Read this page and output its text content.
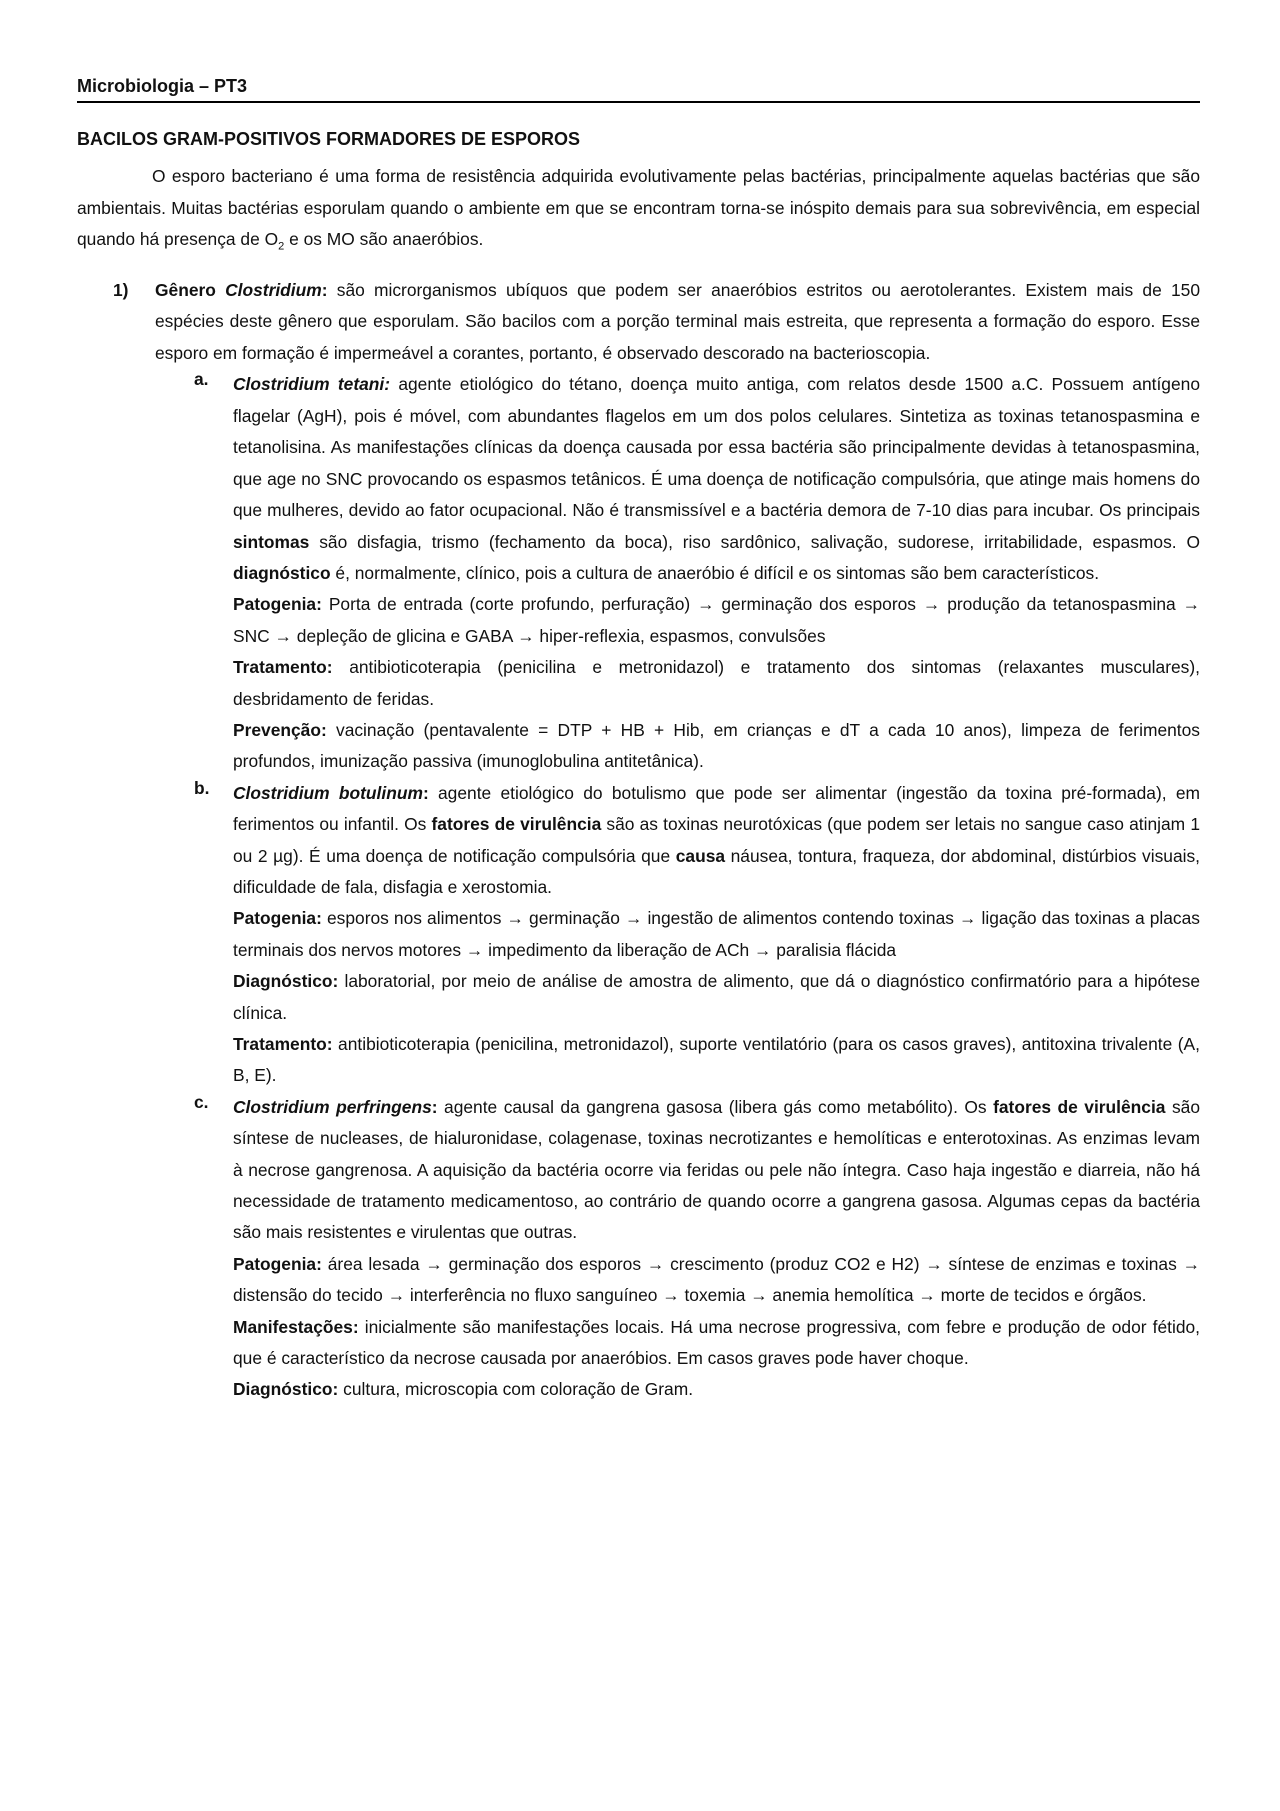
Microbiologia – PT3
BACILOS GRAM-POSITIVOS FORMADORES DE ESPOROS

O esporo bacteriano é uma forma de resistência adquirida evolutivamente pelas bactérias, principalmente aquelas bactérias que são ambientais. Muitas bactérias esporulam quando o ambiente em que se encontram torna-se inóspito demais para sua sobrevivência, em especial quando há presença de $O_2$ e os MO são anaeróbios.

1) Gênero Clostridium: são microrganismos ubíquos que podem ser anaeróbios estritos ou aerotolerantes. Existem mais de 150 espécies deste gênero que esporulam. São bacilos com a porção terminal mais estreita, que representa a formação do esporo. Esse esporo em formação é impermeável a corantes, portanto, é observado descorado na bacterioscopia.
a. Clostridium tetani: agente etiológico do tétano, doença muito antiga, com relatos desde 1500 a.C. Possuem antígeno flagelar (AgH), pois é móvel, com abundantes flagelos em um dos polos celulares. Sintetiza as toxinas tetanospasmina e tetanolisina. As manifestações clínicas da doença causada por essa bactéria são principalmente devidas à tetanospasmina, que age no SNC provocando os espasmos tetânicos. É uma doença de notificação compulsória, que atinge mais homens do que mulheres, devido ao fator ocupacional. Não é transmissível e a bactéria demora de 7-10 dias para incubar. Os principais sintomas são disfagia, trismo (fechamento da boca), riso sardônico, salivação, sudorese, irritabilidade, espasmos. O diagnóstico é, normalmente, clínico, pois a cultura de anaeróbio é difícil e os sintomas são bem característicos.

Patogenia: Porta de entrada (corte profundo, perfuração) → germinação dos esporos → produção da tetanospasmina → SNC → depleção de glicina e GABA → hiper-reflexia, espasmos, convulsões

Tratamento: antibioticoterapia (penicilina e metronidazol) e tratamento dos sintomas (relaxantes musculares), desbridamento de feridas.

Prevenção: vacinação (pentavalente = DTP + HB + Hib, em crianças e dT a cada 10 anos), limpeza de ferimentos profundos, imunização passiva (imunoglobulina antitetânica).

b. Clostridium botulinum: agente etiológico do botulismo que pode ser alimentar (ingestão da toxina pré-formada), em ferimentos ou infantil. Os fatores de virulência são as toxinas neurotóxicas (que podem ser letais no sangue caso atinjam 1 ou 2 µg). É uma doença de notificação compulsória que causa náusea, tontura, fraqueza, dor abdominal, distúrbios visuais, dificuldade de fala, disfagia e xerostomia.

Patogenia: esporos nos alimentos → germinação → ingestão de alimentos contendo toxinas → ligação das toxinas a placas terminais dos nervos motores → impedimento da liberação de ACh → paralisia flácida

Diagnóstico: laboratorial, por meio de análise de amostra de alimento, que dá o diagnóstico confirmatório para a hipótese clínica.

Tratamento: antibioticoterapia (penicilina, metronidazol), suporte ventilatório (para os casos graves), antitoxina trivalente (A, B, E).

c. Clostridium perfringens: agente causal da gangrena gasosa (libera gás como metabólito). Os fatores de virulência são síntese de nucleases, de hialuronidase, colagenase, toxinas necrotizantes e hemolíticas e enterotoxinas. As enzimas levam à necrose gangrenosa. A aquisição da bactéria ocorre via feridas ou pele não íntegra. Caso haja ingestão e diarreia, não há necessidade de tratamento medicamentoso, ao contrário de quando ocorre a gangrena gasosa. Algumas cepas da bactéria são mais resistentes e virulentas que outras.

Patogenia: área lesada → germinação dos esporos → crescimento (produz CO2 e H2) → síntese de enzimas e toxinas → distensão do tecido → interferência no fluxo sanguíneo → toxemia → anemia hemolítica → morte de tecidos e órgãos.

Manifestações: inicialmente são manifestações locais. Há uma necrose progressiva, com febre e produção de odor fétido, que é característico da necrose causada por anaeróbios. Em casos graves pode haver choque.

Diagnóstico: cultura, microscopia com coloração de Gram.
